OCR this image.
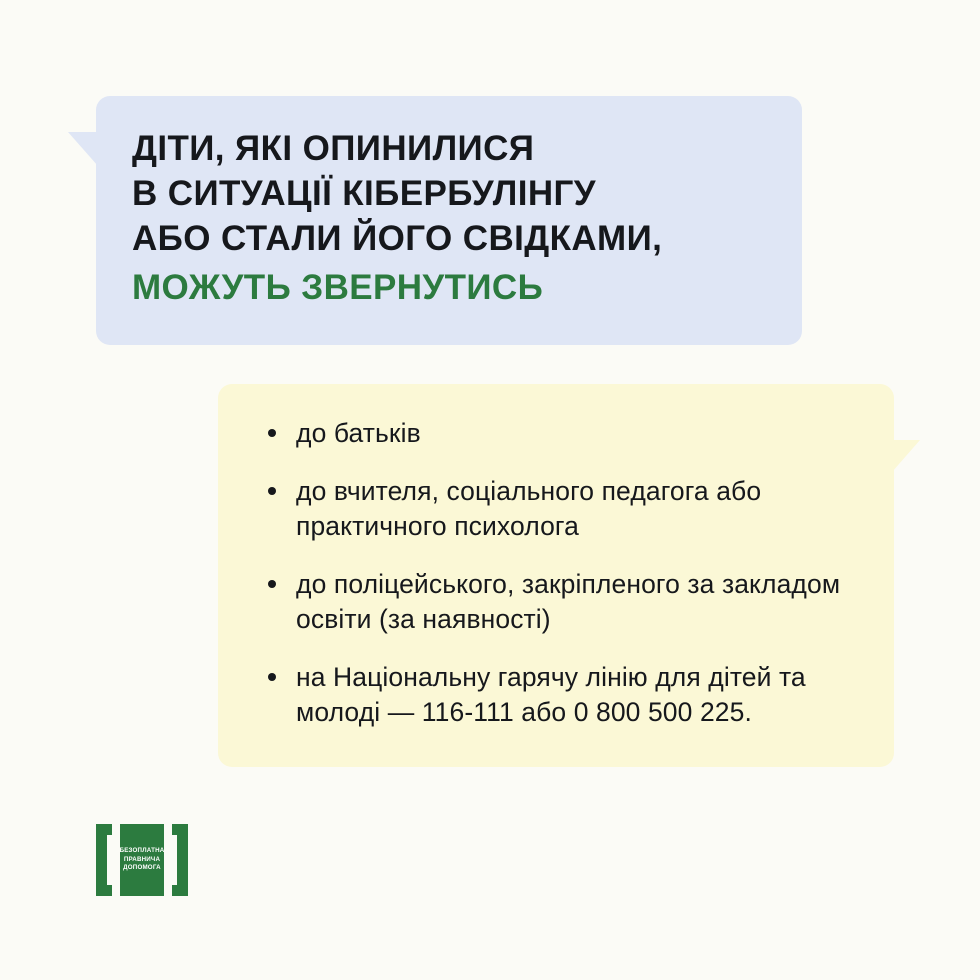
ДІТИ, ЯКІ ОПИНИЛИСЯ
В СИТУАЦІЇ КІБЕРБУЛІНГУ
АБО СТАЛИ ЙОГО СВІДКАМИ,
МОЖУТЬ ЗВЕРНУТИСЬ
до батьків
до вчителя, соціального педагога або практичного психолога
до поліцейського, закріпленого за закладом освіти (за наявності)
на Національну гарячу лінію для дітей та молоді — 116-111 або 0 800 500 225.
БЕЗОПЛАТНА
ПРАВНИЧА
ДОПОМОГА
